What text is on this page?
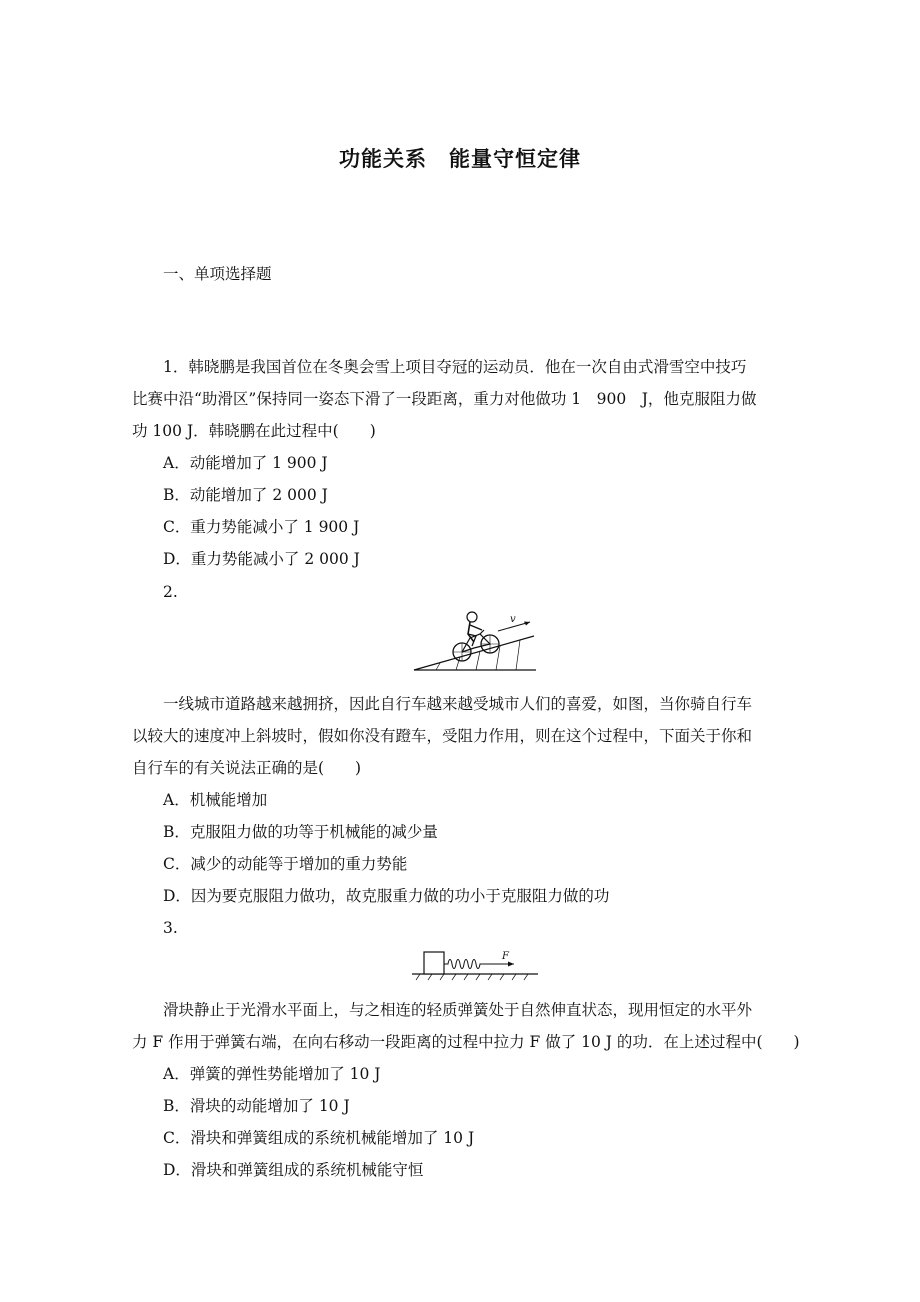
功能关系　能量守恒定律
一、单项选择题
1．韩晓鹏是我国首位在冬奥会雪上项目夺冠的运动员．他在一次自由式滑雪空中技巧
比赛中沿“助滑区”保持同一姿态下滑了一段距离，重力对他做功 1　900　J，他克服阻力做
功 100 J．韩晓鹏在此过程中(　　)
A．动能增加了 1 900 J
B．动能增加了 2 000 J
C．重力势能减小了 1 900 J
D．重力势能减小了 2 000 J
2.
v
一线城市道路越来越拥挤，因此自行车越来越受城市人们的喜爱，如图，当你骑自行车
以较大的速度冲上斜坡时，假如你没有蹬车，受阻力作用，则在这个过程中，下面关于你和
自行车的有关说法正确的是(　　)
A．机械能增加
B．克服阻力做的功等于机械能的减少量
C．减少的动能等于增加的重力势能
D．因为要克服阻力做功，故克服重力做的功小于克服阻力做的功
3.
F
滑块静止于光滑水平面上，与之相连的轻质弹簧处于自然伸直状态，现用恒定的水平外
力 F 作用于弹簧右端，在向右移动一段距离的过程中拉力 F 做了 10 J 的功．在上述过程中(　　)
A．弹簧的弹性势能增加了 10 J
B．滑块的动能增加了 10 J
C．滑块和弹簧组成的系统机械能增加了 10 J
D．滑块和弹簧组成的系统机械能守恒
